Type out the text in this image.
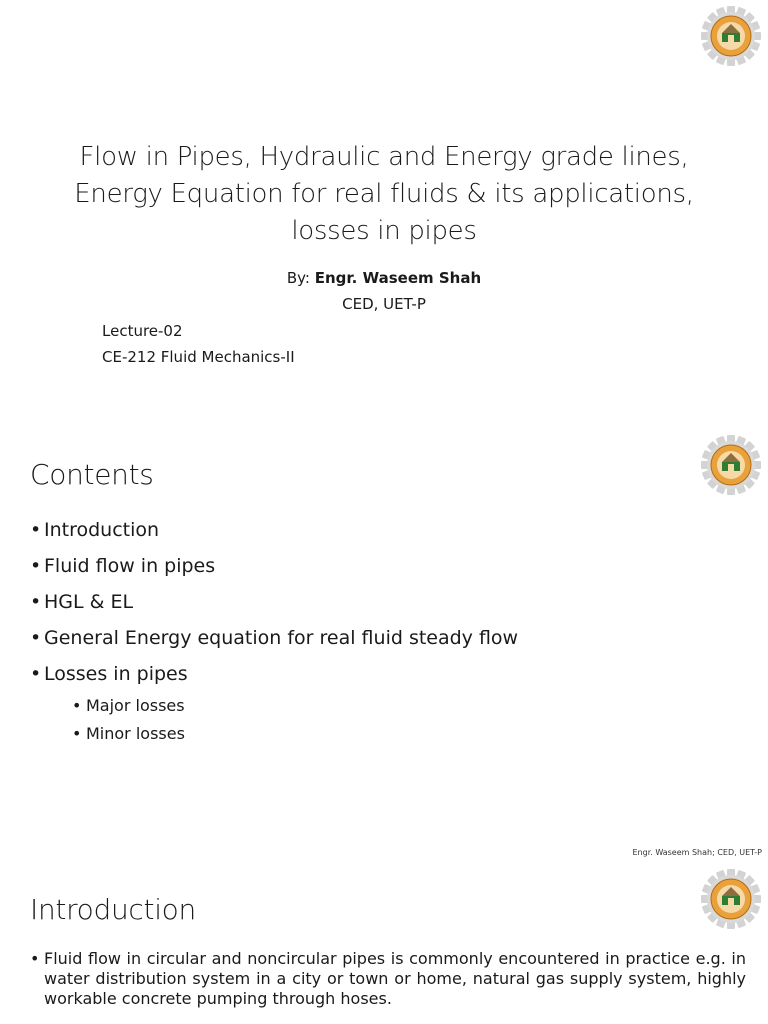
Flow in Pipes, Hydraulic and Energy grade lines, Energy Equation for real fluids & its applications, losses in pipes
By: Engr. Waseem Shah
CED, UET-P
Lecture-02
CE-212 Fluid Mechanics-II
Contents
• Introduction
• Fluid flow in pipes
• HGL & EL
• General Energy equation for real fluid steady flow
• Losses in pipes
• Major losses
• Minor losses
Engr. Waseem Shah; CED, UET-P
Introduction
• Fluid flow in circular and noncircular pipes is commonly encountered in practice e.g. in water distribution system in a city or town or home, natural gas supply system, highly workable concrete pumping through hoses.
